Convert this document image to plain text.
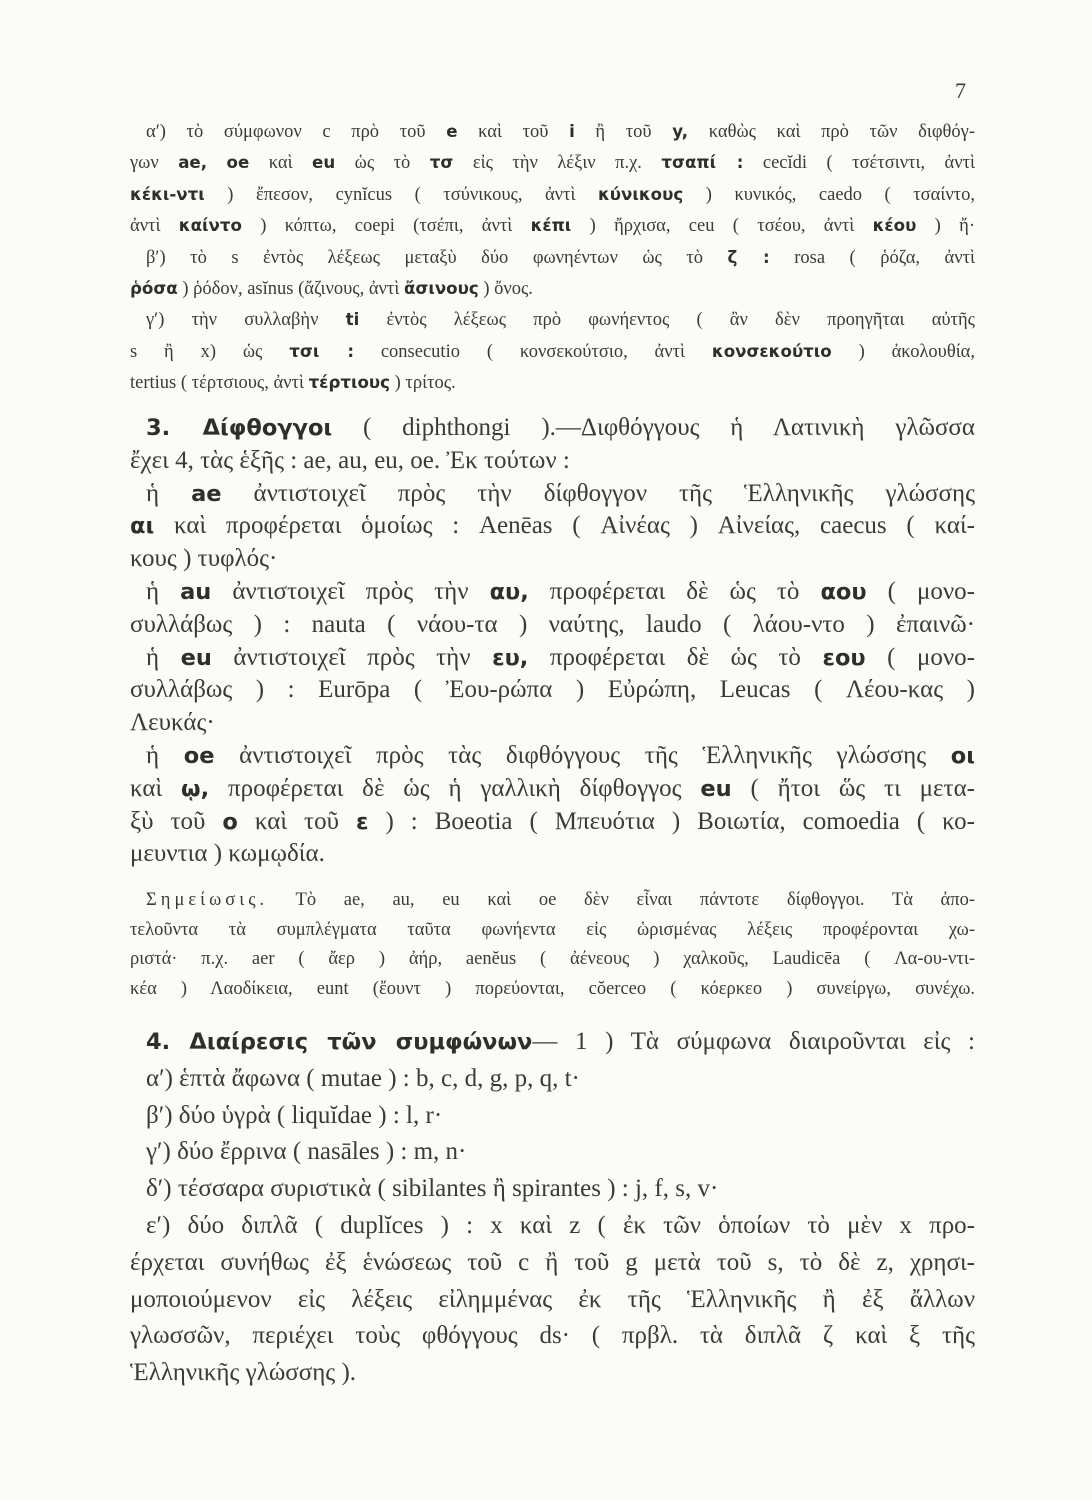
7
α′) τὸ σύμφωνον c πρὸ τοῦ e καὶ τοῦ i ἢ τοῦ y, καθὼς καὶ πρὸ τῶν διφθόγ-
γων ae, oe καὶ eu ὡς τὸ τσ εἰς τὴν λέξιν π.χ. τσαπί : cecĭdi ( τσέτσιντι, ἀντὶ
κέκι-ντι ) ἔπεσον, cynĭcus ( τσύνικους, ἀντὶ κύνικους ) κυνικός, caedo ( τσαίντο,
ἀντὶ καίντο ) κόπτω, coepi (τσέπι, ἀντὶ κέπι ) ἤρχισα, ceu ( τσέου, ἀντὶ κέου ) ἤ·
β′) τὸ s ἐντὸς λέξεως μεταξὺ δύο φωνηέντων ὡς τὸ ζ : rosa ( ῥόζα, ἀντὶ
ῥόσα ) ῥόδον, asĭnus (ἄζινους, ἀντὶ ἄσινους ) ὄνος.
γ′) τὴν συλλαβὴν ti ἐντὸς λέξεως πρὸ φωνήεντος ( ἂν δὲν προηγῆται αὐτῆς
s ἢ x) ὡς τσι : consecutio ( κονσεκούτσιο, ἀντὶ κονσεκούτιο ) ἀκολουθία,
tertius ( τέρτσιους, ἀντὶ τέρτιους ) τρίτος.
3. Δίφθογγοι ( diphthongi ).—Διφθόγγους ἡ Λατινικὴ γλῶσσα
ἔχει 4, τὰς ἑξῆς : ae, au, eu, oe. Ἐκ τούτων :
ἡ ae ἀντιστοιχεῖ πρὸς τὴν δίφθογγον τῆς Ἑλληνικῆς γλώσσης
αι καὶ προφέρεται ὁμοίως : Aenēas ( Αἰνέας ) Αἰνείας, caecus ( καί-
κους ) τυφλός·
ἡ au ἀντιστοιχεῖ πρὸς τὴν αυ, προφέρεται δὲ ὡς τὸ αου ( μονο-
συλλάβως ) : nauta ( νάου-τα ) ναύτης, laudo ( λάου-ντο ) ἐπαινῶ·
ἡ eu ἀντιστοιχεῖ πρὸς τὴν ευ, προφέρεται δὲ ὡς τὸ εου ( μονο-
συλλάβως ) : Eurōpa ( Ἐου-ρώπα ) Εὐρώπη, Leucas ( Λέου-κας )
Λευκάς·
ἡ oe ἀντιστοιχεῖ πρὸς τὰς διφθόγγους τῆς Ἑλληνικῆς γλώσσης οι
καὶ ῳ, προφέρεται δὲ ὡς ἡ γαλλικὴ δίφθογγος eu ( ἤτοι ὥς τι μετα-
ξὺ τοῦ ο καὶ τοῦ ε ) : Boeotia ( Μπευότια ) Βοιωτία, comoedia ( κο-
μευντια ) κωμῳδία.
Σημείωσις. Τὸ ae, au, eu καὶ oe δὲν εἶναι πάντοτε δίφθογγοι. Τὰ ἀπο-
τελοῦντα τὰ συμπλέγματα ταῦτα φωνήεντα εἰς ὡρισμένας λέξεις προφέρονται χω-
ριστά· π.χ. aer ( ἄερ ) ἀήρ, aenĕus ( ἀένεους ) χαλκοῦς, Laudicēa ( Λα-ου-ντι-
κέα ) Λαοδίκεια, eunt (ἔουντ ) πορεύονται, cŏerceo ( κόερκεο ) συνείργω, συνέχω.
4. Διαίρεσις τῶν συμφώνων— 1 ) Τὰ σύμφωνα διαιροῦνται εἰς :
α′) ἑπτὰ ἄφωνα ( mutae ) : b, c, d, g, p, q, t·
β′) δύο ὑγρὰ ( liquĭdae ) : l, r·
γ′) δύο ἔρρινα ( nasāles ) : m, n·
δ′) τέσσαρα συριστικὰ ( sibilantes ἢ spirantes ) : j, f, s, v·
ε′) δύο διπλᾶ ( duplĭces ) : x καὶ z ( ἐκ τῶν ὁποίων τὸ μὲν x προ-
έρχεται συνήθως ἐξ ἑνώσεως τοῦ c ἢ τοῦ g μετὰ τοῦ s, τὸ δὲ z, χρησι-
μοποιούμενον εἰς λέξεις εἰλημμένας ἐκ τῆς Ἑλληνικῆς ἢ ἐξ ἄλλων
γλωσσῶν, περιέχει τοὺς φθόγγους ds· ( πρβλ. τὰ διπλᾶ ζ καὶ ξ τῆς
Ἑλληνικῆς γλώσσης ).
